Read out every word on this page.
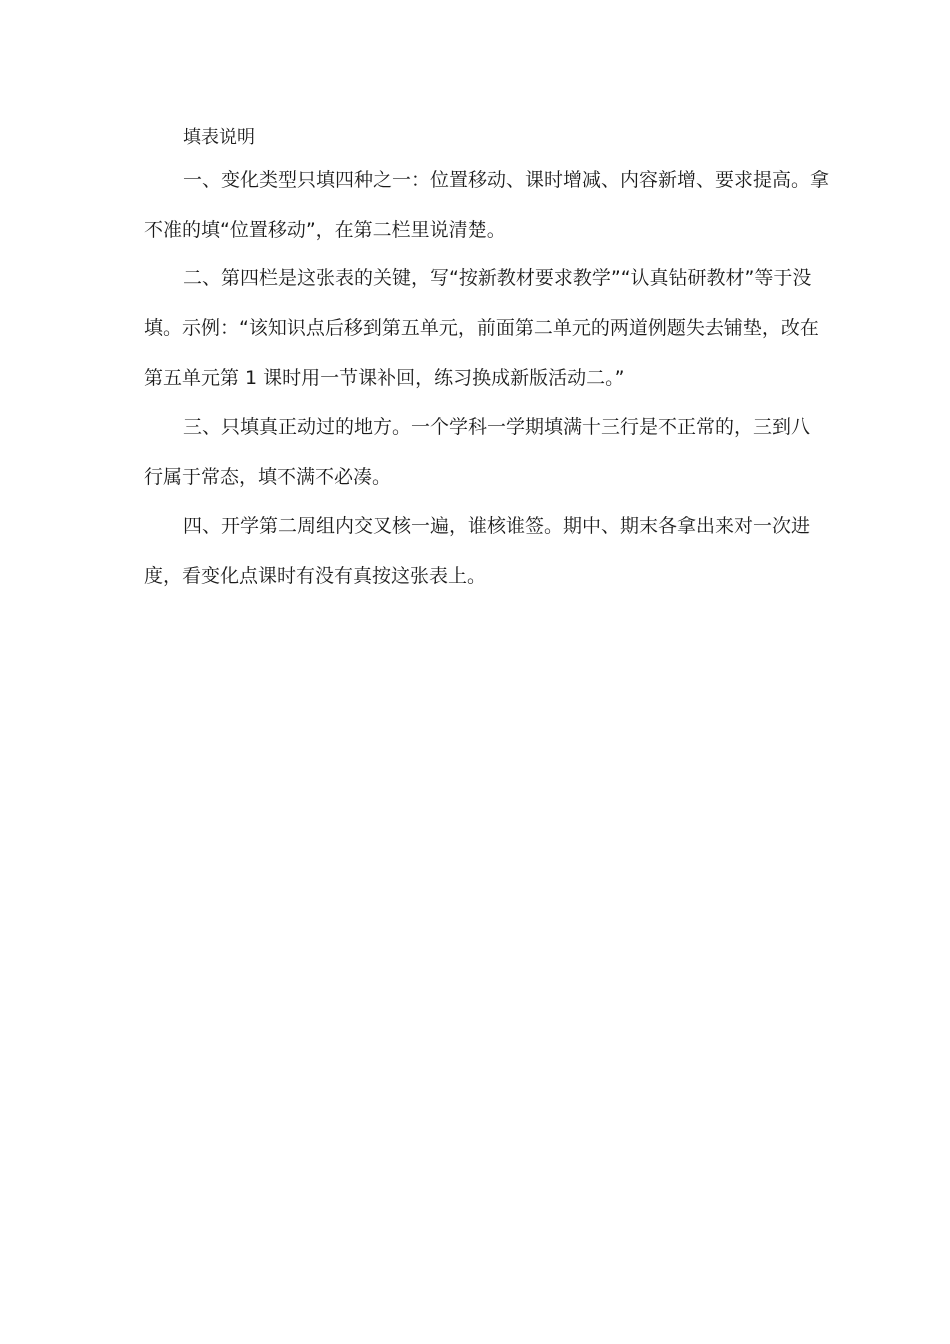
填表说明

一、变化类型只填四种之一：位置移动、课时增减、内容新增、要求提高。拿不准的填“位置移动”，在第二栏里说清楚。

二、第四栏是这张表的关键，写“按新教材要求教学”“认真钻研教材”等于没填。示例：“该知识点后移到第五单元，前面第二单元的两道例题失去铺垫，改在第五单元第 1 课时用一节课补回，练习换成新版活动二。”

三、只填真正动过的地方。一个学科一学期填满十三行是不正常的，三到八行属于常态，填不满不必凑。

四、开学第二周组内交叉核一遍，谁核谁签。期中、期末各拿出来对一次进度，看变化点课时有没有真按这张表上。
